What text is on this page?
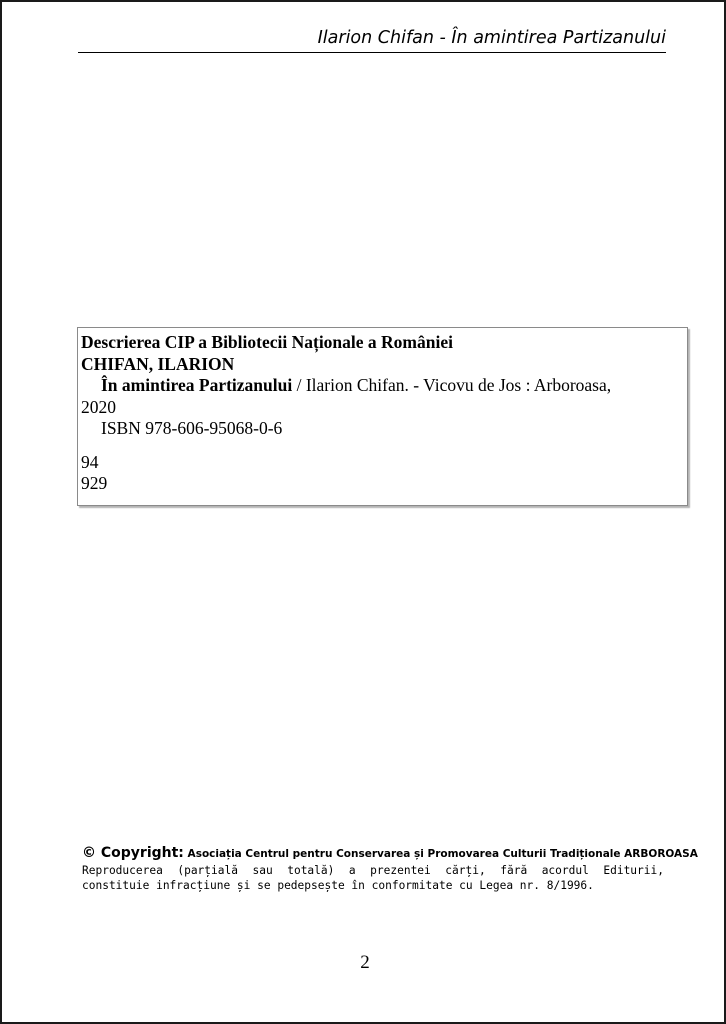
Ilarion Chifan - În amintirea Partizanului
Descrierea CIP a Bibliotecii Naționale a României
CHIFAN, ILARION
În amintirea Partizanului / Ilarion Chifan. - Vicovu de Jos : Arboroasa,
2020
ISBN 978-606-95068-0-6
94
929
© Copyright: Asociația Centrul pentru Conservarea și Promovarea Culturii Tradiționale ARBOROASA
Reproducerea (parțială sau totală) a prezentei cărți, fără acordul Editurii, constituie infracțiune și se pedepsește în conformitate cu Legea nr. 8/1996.
2
